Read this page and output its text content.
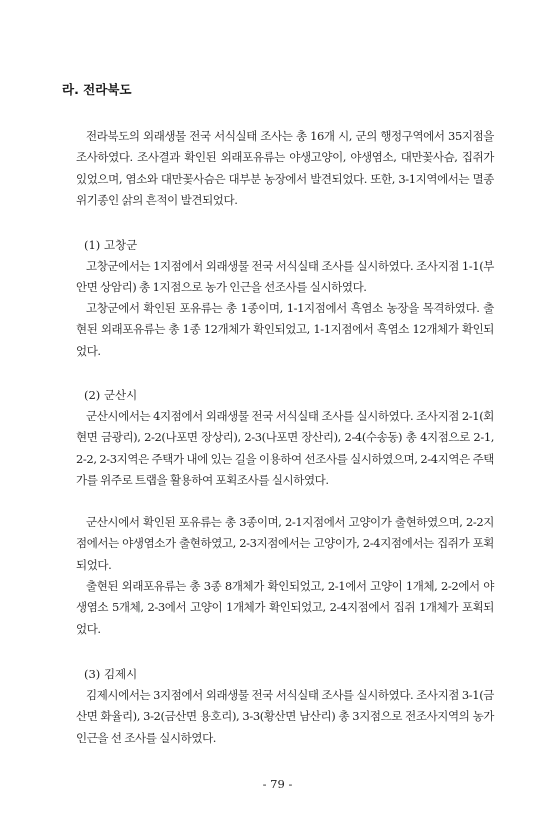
라. 전라북도

전라북도의 외래생물 전국 서식실태 조사는 총 16개 시, 군의 행정구역에서 35지점을 조사하였다. 조사결과 확인된 외래포유류는 야생고양이, 야생염소, 대만꽃사슴, 집쥐가 있었으며, 염소와 대만꽃사슴은 대부분 농장에서 발견되었다. 또한, 3-1지역에서는 멸종위기종인 삵의 흔적이 발견되었다.

(1) 고창군

고창군에서는 1지점에서 외래생물 전국 서식실태 조사를 실시하였다. 조사지점 1-1(부안면 상암리) 총 1지점으로 농가 인근을 선조사를 실시하였다.

고창군에서 확인된 포유류는 총 1종이며, 1-1지점에서 흑염소 농장을 목격하였다. 출현된 외래포유류는 총 1종 12개체가 확인되었고, 1-1지점에서 흑염소 12개체가 확인되었다.

(2) 군산시

군산시에서는 4지점에서 외래생물 전국 서식실태 조사를 실시하였다. 조사지점 2-1(회현면 금광리), 2-2(나포면 장상리), 2-3(나포면 장산리), 2-4(수송동) 총 4지점으로 2-1, 2-2, 2-3지역은 주택가 내에 있는 길을 이용하여 선조사를 실시하였으며, 2-4지역은 주택가를 위주로 트랩을 활용하여 포획조사를 실시하였다.

군산시에서 확인된 포유류는 총 3종이며, 2-1지점에서 고양이가 출현하였으며, 2-2지점에서는 야생염소가 출현하였고, 2-3지점에서는 고양이가, 2-4지점에서는 집쥐가 포획되었다.

출현된 외래포유류는 총 3종 8개체가 확인되었고, 2-1에서 고양이 1개체, 2-2에서 야생염소 5개체, 2-3에서 고양이 1개체가 확인되었고, 2-4지점에서 집쥐 1개체가 포획되었다.

(3) 김제시

김제시에서는 3지점에서 외래생물 전국 서식실태 조사를 실시하였다. 조사지점 3-1(금산면 화율리), 3-2(금산면 용호리), 3-3(황산면 남산리) 총 3지점으로 전조사지역의 농가 인근을 선 조사를 실시하였다.

- 79 -
